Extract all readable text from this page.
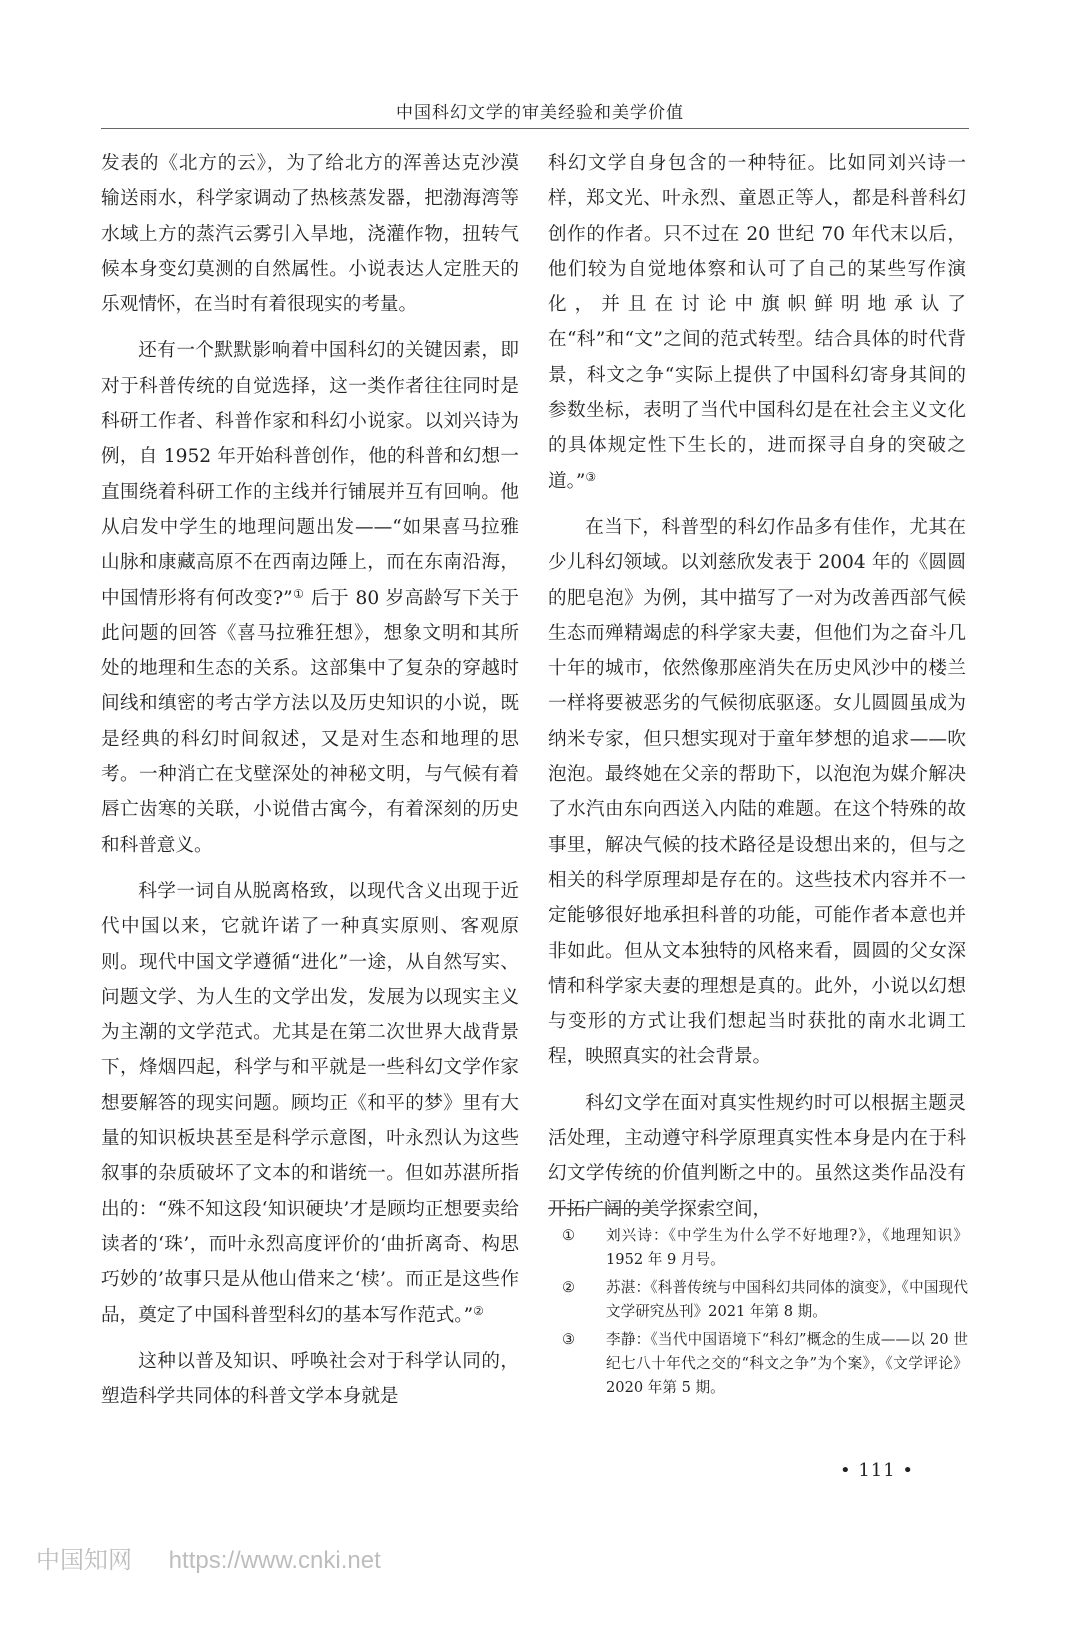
中国科幻文学的审美经验和美学价值

发表的《北方的云》，为了给北方的浑善达克沙漠输送雨水，科学家调动了热核蒸发器，把渤海湾等水域上方的蒸汽云雾引入旱地，浇灌作物，扭转气候本身变幻莫测的自然属性。小说表达人定胜天的乐观情怀，在当时有着很现实的考量。

还有一个默默影响着中国科幻的关键因素，即对于科普传统的自觉选择，这一类作者往往同时是科研工作者、科普作家和科幻小说家。以刘兴诗为例，自 1952 年开始科普创作，他的科普和幻想一直围绕着科研工作的主线并行铺展并互有回响。他从启发中学生的地理问题出发——“如果喜马拉雅山脉和康藏高原不在西南边陲上，而在东南沿海，中国情形将有何改变?”① 后于 80 岁高龄写下关于此问题的回答《喜马拉雅狂想》，想象文明和其所处的地理和生态的关系。这部集中了复杂的穿越时间线和缜密的考古学方法以及历史知识的小说，既是经典的科幻时间叙述，又是对生态和地理的思考。一种消亡在戈壁深处的神秘文明，与气候有着唇亡齿寒的关联，小说借古寓今，有着深刻的历史和科普意义。

科学一词自从脱离格致，以现代含义出现于近代中国以来，它就许诺了一种真实原则、客观原则。现代中国文学遵循“进化”一途，从自然写实、问题文学、为人生的文学出发，发展为以现实主义为主潮的文学范式。尤其是在第二次世界大战背景下，烽烟四起，科学与和平就是一些科幻文学作家想要解答的现实问题。顾均正《和平的梦》里有大量的知识板块甚至是科学示意图，叶永烈认为这些叙事的杂质破坏了文本的和谐统一。但如苏湛所指出的：“殊不知这段‘知识硬块’才是顾均正想要卖给读者的‘珠’，而叶永烈高度评价的‘曲折离奇、构思巧妙的’故事只是从他山借来之‘椟’。而正是这些作品，奠定了中国科普型科幻的基本写作范式。”②

这种以普及知识、呼唤社会对于科学认同的，塑造科学共同体的科普文学本身就是

科幻文学自身包含的一种特征。比如同刘兴诗一样，郑文光、叶永烈、童恩正等人，都是科普科幻创作的作者。只不过在 20 世纪 70 年代末以后，他们较为自觉地体察和认可了自己的某些写作演化，并且在讨论中旗帜鲜明地承认了在“科”和“文”之间的范式转型。结合具体的时代背景，科文之争“实际上提供了中国科幻寄身其间的参数坐标，表明了当代中国科幻是在社会主义文化的具体规定性下生长的，进而探寻自身的突破之道。”③

在当下，科普型的科幻作品多有佳作，尤其在少儿科幻领域。以刘慈欣发表于 2004 年的《圆圆的肥皂泡》为例，其中描写了一对为改善西部气候生态而殚精竭虑的科学家夫妻，但他们为之奋斗几十年的城市，依然像那座消失在历史风沙中的楼兰一样将要被恶劣的气候彻底驱逐。女儿圆圆虽成为纳米专家，但只想实现对于童年梦想的追求——吹泡泡。最终她在父亲的帮助下，以泡泡为媒介解决了水汽由东向西送入内陆的难题。在这个特殊的故事里，解决气候的技术路径是设想出来的，但与之相关的科学原理却是存在的。这些技术内容并不一定能够很好地承担科普的功能，可能作者本意也并非如此。但从文本独特的风格来看，圆圆的父女深情和科学家夫妻的理想是真的。此外，小说以幻想与变形的方式让我们想起当时获批的南水北调工程，映照真实的社会背景。

科幻文学在面对真实性规约时可以根据主题灵活处理，主动遵守科学原理真实性本身是内在于科幻文学传统的价值判断之中的。虽然这类作品没有开拓广阔的美学探索空间，

① 刘兴诗：《中学生为什么学不好地理?》，《地理知识》1952 年 9 月号。
② 苏湛：《科普传统与中国科幻共同体的演变》，《中国现代文学研究丛刊》2021 年第 8 期。
③ 李静：《当代中国语境下“科幻”概念的生成——以 20 世纪七八十年代之交的“科文之争”为个案》，《文学评论》2020 年第 5 期。
• 111 •
中国知网 https://www.cnki.net
